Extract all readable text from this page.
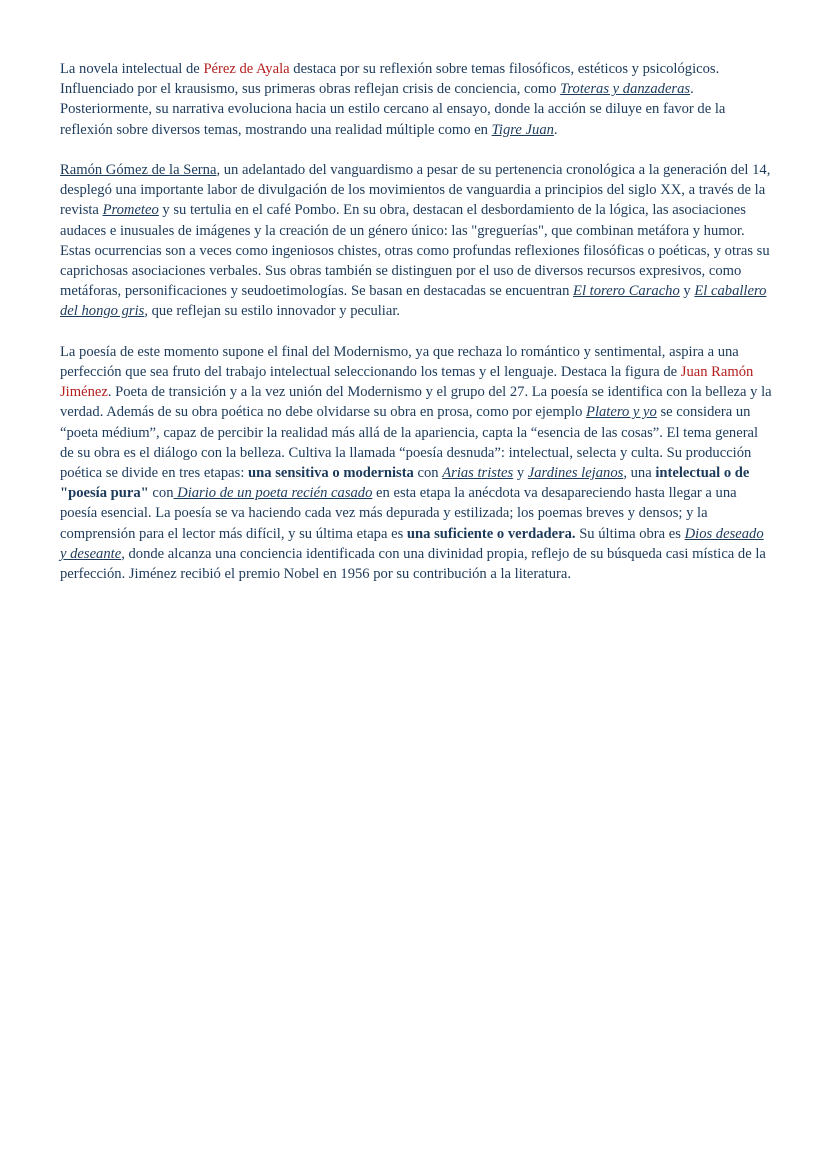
La novela intelectual de Pérez de Ayala destaca por su reflexión sobre temas filosóficos, estéticos y psicológicos. Influenciado por el krausismo, sus primeras obras reflejan crisis de conciencia, como Troteras y danzaderas. Posteriormente, su narrativa evoluciona hacia un estilo cercano al ensayo, donde la acción se diluye en favor de la reflexión sobre diversos temas, mostrando una realidad múltiple como en Tigre Juan.

Ramón Gómez de la Serna, un adelantado del vanguardismo a pesar de su pertenencia cronológica a la generación del 14, desplegó una importante labor de divulgación de los movimientos de vanguardia a principios del siglo XX, a través de la revista Prometeo y su tertulia en el café Pombo. En su obra, destacan el desbordamiento de la lógica, las asociaciones audaces e inusuales de imágenes y la creación de un género único: las "greguerías", que combinan metáfora y humor. Estas ocurrencias son a veces como ingeniosos chistes, otras como profundas reflexiones filosóficas o poéticas, y otras su caprichosas asociaciones verbales. Sus obras también se distinguen por el uso de diversos recursos expresivos, como metáforas, personificaciones y seudoetimologías. Se basan en destacadas se encuentran El torero Caracho y El caballero del hongo gris, que reflejan su estilo innovador y peculiar.

La poesía de este momento supone el final del Modernismo, ya que rechaza lo romántico y sentimental, aspira a una perfección que sea fruto del trabajo intelectual seleccionando los temas y el lenguaje. Destaca la figura de Juan Ramón Jiménez. Poeta de transición y a la vez unión del Modernismo y el grupo del 27. La poesía se identifica con la belleza y la verdad. Además de su obra poética no debe olvidarse su obra en prosa, como por ejemplo Platero y yo se considera un “poeta médium”, capaz de percibir la realidad más allá de la apariencia, capta la “esencia de las cosas”. El tema general de su obra es el diálogo con la belleza. Cultiva la llamada “poesía desnuda”: intelectual, selecta y culta. Su producción poética se divide en tres etapas: una sensitiva o modernista con Arias tristes y Jardines lejanos, una intelectual o de "poesía pura" con Diario de un poeta recién casado en esta etapa la anécdota va desapareciendo hasta llegar a una poesía esencial. La poesía se va haciendo cada vez más depurada y estilizada; los poemas breves y densos; y la comprensión para el lector más difícil, y su última etapa es una suficiente o verdadera. Su última obra es Dios deseado y deseante, donde alcanza una conciencia identificada con una divinidad propia, reflejo de su búsqueda casi mística de la perfección. Jiménez recibió el premio Nobel en 1956 por su contribución a la literatura.
